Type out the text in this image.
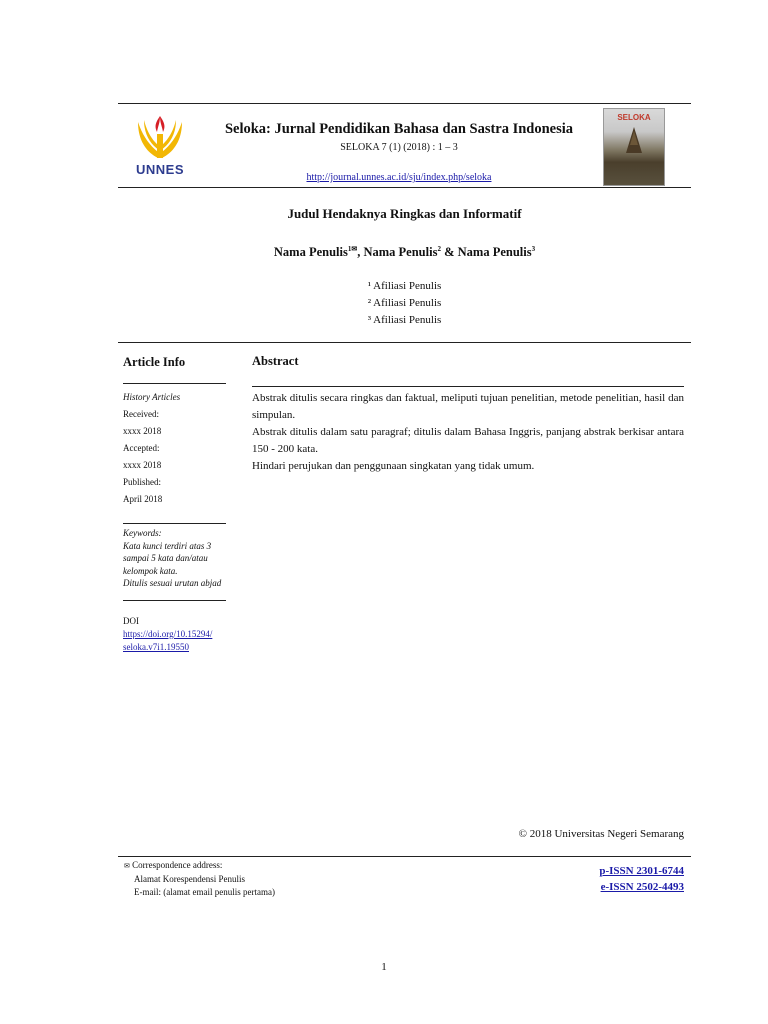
UNNES
Seloka: Jurnal Pendidikan Bahasa dan Sastra Indonesia
SELOKA 7 (1) (2018) : 1 – 3
http://journal.unnes.ac.id/sju/index.php/seloka
SELOKA
Judul Hendaknya Ringkas dan Informatif
Nama Penulis$^{1✉}$, Nama Penulis$^2$ & Nama Penulis$^3$
¹ Afiliasi Penulis
² Afiliasi Penulis
³ Afiliasi Penulis
Article Info
History Articles
Received:
xxxx 2018
Accepted:
xxxx 2018
Published:
April 2018
Keywords:
Kata kunci terdiri atas 3
sampai 5 kata dan/atau
kelompok kata.
Ditulis sesuai urutan abjad
DOI
https://doi.org/10.15294/
seloka.v7i1.19550
Abstract
Abstrak ditulis secara ringkas dan faktual, meliputi tujuan penelitian, metode penelitian, hasil dan simpulan.
Abstrak ditulis dalam satu paragraf; ditulis dalam Bahasa Inggris, panjang abstrak berkisar antara 150 - 200 kata.
Hindari perujukan dan penggunaan singkatan yang tidak umum.
© 2018 Universitas Negeri Semarang
✉ Correspondence address:
Alamat Korespendensi Penulis
E-mail: (alamat email penulis pertama)
p-ISSN 2301-6744
e-ISSN 2502-4493
1
